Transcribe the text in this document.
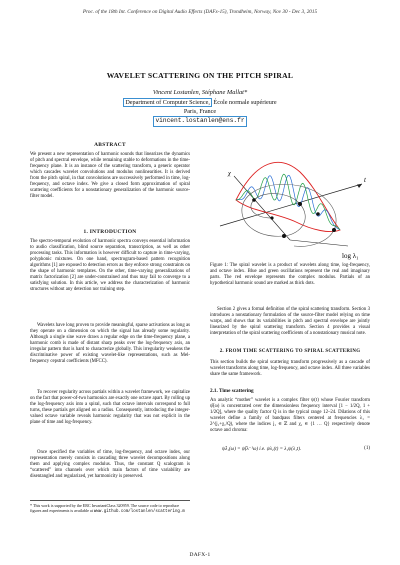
Proc. of the 18th Int. Conference on Digital Audio Effects (DAFx-15), Trondheim, Norway, Nov 30 - Dec 3, 2015
WAVELET SCATTERING ON THE PITCH SPIRAL
Vincent Lostanlen, Stéphane Mallat*
Department of Computer Science, École normale supérieure
Paris, France
vincent.lostanlen@ens.fr
ABSTRACT

We present a new representation of harmonic sounds that linearizes the dynamics of pitch and spectral envelope, while remaining stable to deformations in the time-frequency plane. It is an instance of the scattering transform, a generic operator which cascades wavelet convolutions and modulus nonlinearities. It is derived from the pitch spiral, in that convolutions are successively performed in time, log-frequency, and octave index. We give a closed form approximation of spiral scattering coefficients for a nonstationary generalization of the harmonic source-filter model.

1. INTRODUCTION

The spectro-temporal evolution of harmonic spectra conveys essential information to audio classification, blind source separation, transcription, as well as other processing tasks. This information is however difficult to capture in time-varying, polyphonic mixtures. On one hand, spectrogram-based pattern recognition algorithms [1] are exposed to detection errors as they enforce strong constraints on the shape of harmonic templates. On the other, time-varying generalizations of matrix factorization [2] are under-constrained and thus may fail to converge to a satisfying solution. In this article, we address the characterization of harmonic structures without any detection nor training step.

Wavelets have long proven to provide meaningful, sparse activations as long as they operate on a dimension on which the signal has already some regularity. Although a single sine wave draws a regular edge on the time-frequency plane, a harmonic comb is made of distant sharp peaks over the log-frequency axis, an irregular pattern that is hard to characterize globally. This irregularity weakens the discriminative power of existing wavelet-like representations, such as Mel-frequency cepstral coefficients (MFCC).

To recover regularity across partials within a wavelet framework, we capitalize on the fact that power-of-two harmonics are exactly one octave apart. By rolling up the log-frequency axis into a spiral, such that octave intervals correspond to full turns, these partials get aligned on a radius. Consequently, introducing the integer-valued octave variable reveals harmonic regularity that was not explicit in the plane of time and log-frequency.

Once specified the variables of time, log-frequency, and octave index, our representation merely consists in cascading three wavelet decompositions along them and applying complex modulus. Thus, the constant Q scalogram is “scattered” into channels over which main factors of time variability are disentangled and regularized, yet harmonicity is preserved.

* This work is supported by the ERC InvariantClass 320959. The source code to reproduce figures and experiments is available at www.github.com/lostanlen/scattering.m
t
χ
$\log \lambda_1$
Figure 1: The spiral wavelet is a product of wavelets along time, log-frequency, and octave index. Blue and green oscillations represent the real and imaginary parts. The red envelope represents the complex modulus. Partials of an hypothetical harmonic sound are marked as thick dots.

Section 2 gives a formal definition of the spiral scattering transform. Section 3 introduces a nonstationary formulation of the source-filter model relying on time warps, and shows that its variabilities in pitch and spectral envelope are jointly linearized by the spiral scattering transform. Section 4 provides a visual interpretation of the spiral scattering coefficients of a nonstationary musical note.

2. FROM TIME SCATTERING TO SPIRAL SCATTERING

This section builds the spiral scattering transform progressively as a cascade of wavelet transforms along time, log-frequency, and octave index. All three variables share the same framework.

2.1. Time scattering

An analytic “mother” wavelet is a complex filter ψ(t) whose Fourier transform ψ̂(ω) is concentrated over the dimensionless frequency interval [1 − 1/2Q, 1 + 1/2Q], where the quality factor Q is in the typical range 12–24. Dilations of this wavelet define a family of bandpass filters centered at frequencies λ₁ = 2^(j₁+χ₁/Q), where the indices j₁ ∈ ℤ and χ₁ ∈ {1 … Q} respectively denote octave and chroma:

ψ̂λ₁(ω) = ψ̂(λ⁻¹ω) i.e. ψλ₁(t) = λ₁ψ(λ₁t).	(1)
DAFX-1
